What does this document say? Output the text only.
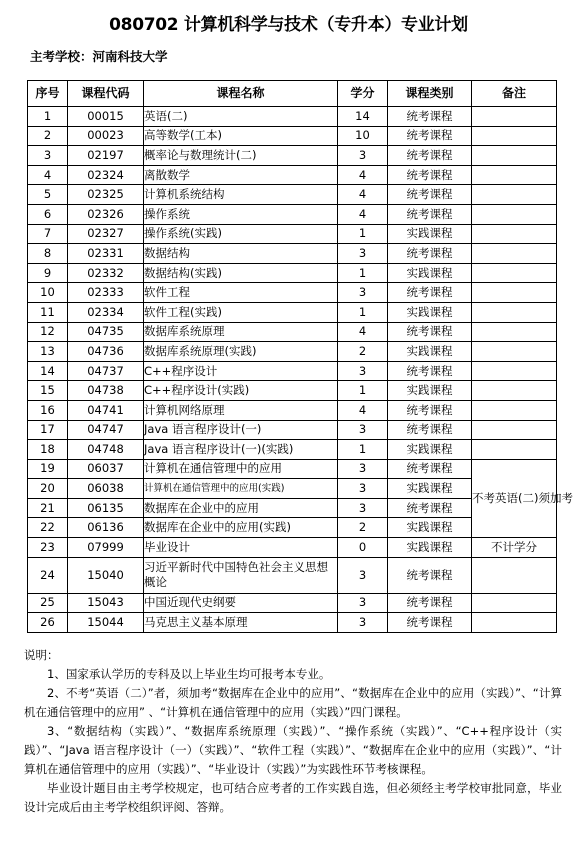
080702 计算机科学与技术（专升本）专业计划
主考学校：河南科技大学
序号	课程代码	课程名称	学分	课程类别	备注
1	00015	英语(二)	14	统考课程	
2	00023	高等数学(工本)	10	统考课程	
3	02197	概率论与数理统计(二)	3	统考课程	
4	02324	离散数学	4	统考课程	
5	02325	计算机系统结构	4	统考课程	
6	02326	操作系统	4	统考课程	
7	02327	操作系统(实践)	1	实践课程	
8	02331	数据结构	3	统考课程	
9	02332	数据结构(实践)	1	实践课程	
10	02333	软件工程	3	统考课程	
11	02334	软件工程(实践)	1	实践课程	
12	04735	数据库系统原理	4	统考课程	
13	04736	数据库系统原理(实践)	2	实践课程	
14	04737	C++程序设计	3	统考课程	
15	04738	C++程序设计(实践)	1	实践课程	
16	04741	计算机网络原理	4	统考课程	
17	04747	Java 语言程序设计(一)	3	统考课程	
18	04748	Java 语言程序设计(一)(实践)	1	实践课程	
19	06037	计算机在通信管理中的应用	3	统考课程	不考英语(二)须加考
20	06038	计算机在通信管理中的应用(实践)	3	实践课程	
21	06135	数据库在企业中的应用	3	统考课程	
22	06136	数据库在企业中的应用(实践)	2	实践课程	
23	07999	毕业设计	0	实践课程	不计学分
24	15040	习近平新时代中国特色社会主义思想概论	3	统考课程	
25	15043	中国近现代史纲要	3	统考课程	
26	15044	马克思主义基本原理	3	统考课程	

说明：

1、国家承认学历的专科及以上毕业生均可报考本专业。

2、不考“英语（二）”者，须加考“数据库在企业中的应用”、“数据库在企业中的应用（实践）”、“计算机在通信管理中的应用” 、“计算机在通信管理中的应用（实践）”四门课程。

3、“数据结构（实践）”、“数据库系统原理（实践）”、“操作系统（实践）”、“C++程序设计（实践）”、“Java 语言程序设计（一）（实践）”、“软件工程（实践）”、“数据库在企业中的应用（实践）”、“计算机在通信管理中的应用（实践）”、“毕业设计（实践）”为实践性环节考核课程。

毕业设计题目由主考学校规定，也可结合应考者的工作实践自选，但必须经主考学校审批同意，毕业设计完成后由主考学校组织评阅、答辩。
